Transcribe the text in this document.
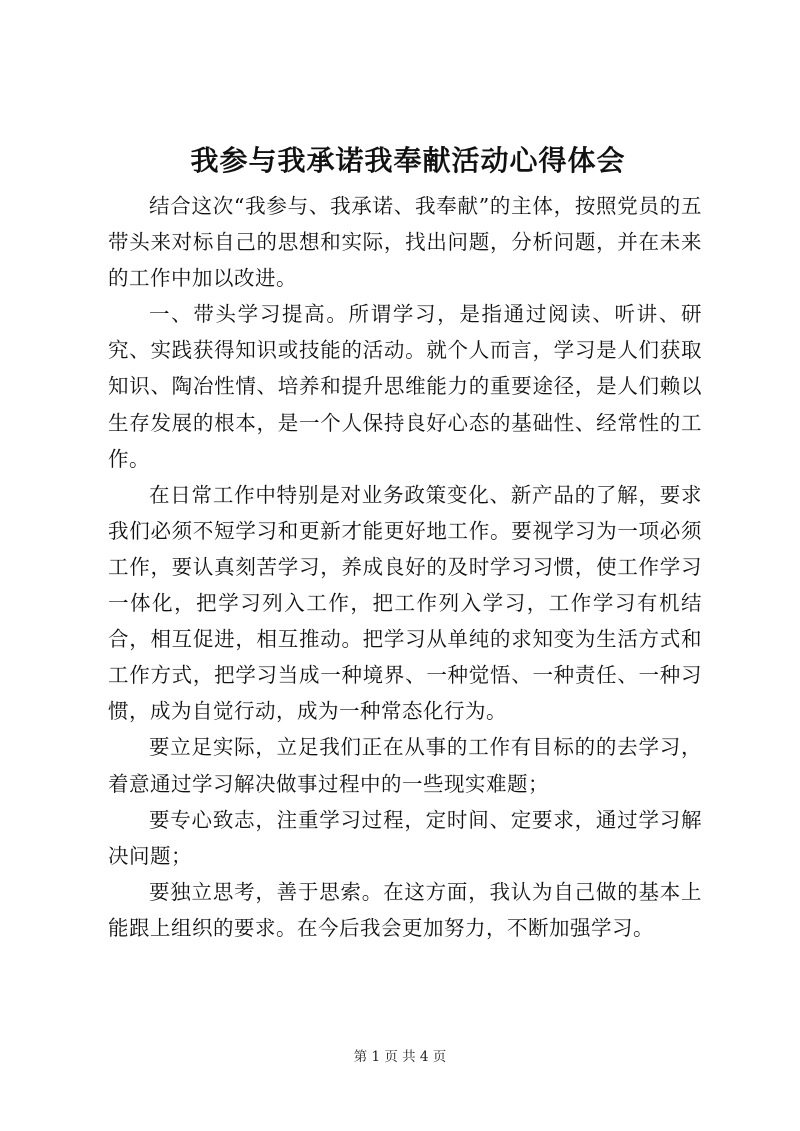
我参与我承诺我奉献活动心得体会

结合这次“我参与、我承诺、我奉献”的主体，按照党员的五带头来对标自己的思想和实际，找出问题，分析问题，并在未来的工作中加以改进。

一、带头学习提高。所谓学习，是指通过阅读、听讲、研究、实践获得知识或技能的活动。就个人而言，学习是人们获取知识、陶冶性情、培养和提升思维能力的重要途径，是人们赖以生存发展的根本，是一个人保持良好心态的基础性、经常性的工作。

在日常工作中特别是对业务政策变化、新产品的了解，要求我们必须不短学习和更新才能更好地工作。要视学习为一项必须工作，要认真刻苦学习，养成良好的及时学习习惯，使工作学习一体化，把学习列入工作，把工作列入学习，工作学习有机结合，相互促进，相互推动。把学习从单纯的求知变为生活方式和工作方式，把学习当成一种境界、一种觉悟、一种责任、一种习惯，成为自觉行动，成为一种常态化行为。

要立足实际，立足我们正在从事的工作有目标的的去学习，着意通过学习解决做事过程中的一些现实难题；

要专心致志，注重学习过程，定时间、定要求，通过学习解决问题；

要独立思考，善于思索。在这方面，我认为自己做的基本上能跟上组织的要求。在今后我会更加努力，不断加强学习。

第 1 页 共 4 页
